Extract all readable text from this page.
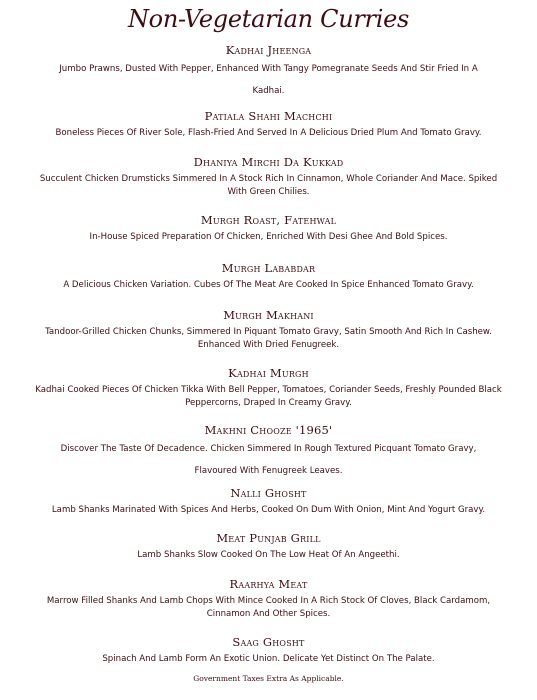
Non-Vegetarian Curries
Kadhai Jheenga
Jumbo Prawns, Dusted With Pepper, Enhanced With Tangy Pomegranate Seeds And Stir Fried In A Kadhai.
Patiala Shahi Machchi
Boneless Pieces Of River Sole, Flash-Fried And Served In A Delicious Dried Plum And Tomato Gravy.
Dhaniya Mirchi Da Kukkad
Succulent Chicken Drumsticks Simmered In A Stock Rich In Cinnamon, Whole Coriander And Mace. Spiked With Green Chilies.
Murgh Roast, Fatehwal
In-House Spiced Preparation Of Chicken, Enriched With Desi Ghee And Bold Spices.
Murgh Lababdar
A Delicious Chicken Variation. Cubes Of The Meat Are Cooked In Spice Enhanced Tomato Gravy.
Murgh Makhani
Tandoor-Grilled Chicken Chunks, Simmered In Piquant Tomato Gravy, Satin Smooth And Rich In Cashew. Enhanced With Dried Fenugreek.
Kadhai Murgh
Kadhai Cooked Pieces Of Chicken Tikka With Bell Pepper, Tomatoes, Coriander Seeds, Freshly Pounded Black Peppercorns, Draped In Creamy Gravy.
Makhni Chooze '1965'
Discover The Taste Of Decadence. Chicken Simmered In Rough Textured Picquant Tomato Gravy, Flavoured With Fenugreek Leaves.
Nalli Ghosht
Lamb Shanks Marinated With Spices And Herbs, Cooked On Dum With Onion, Mint And Yogurt Gravy.
Meat Punjab Grill
Lamb Shanks Slow Cooked On The Low Heat Of An Angeethi.
Raarhya Meat
Marrow Filled Shanks And Lamb Chops With Mince Cooked In A Rich Stock Of Cloves, Black Cardamom, Cinnamon And Other Spices.
Saag Ghosht
Spinach And Lamb Form An Exotic Union. Delicate Yet Distinct On The Palate.
Government Taxes Extra As Applicable.
